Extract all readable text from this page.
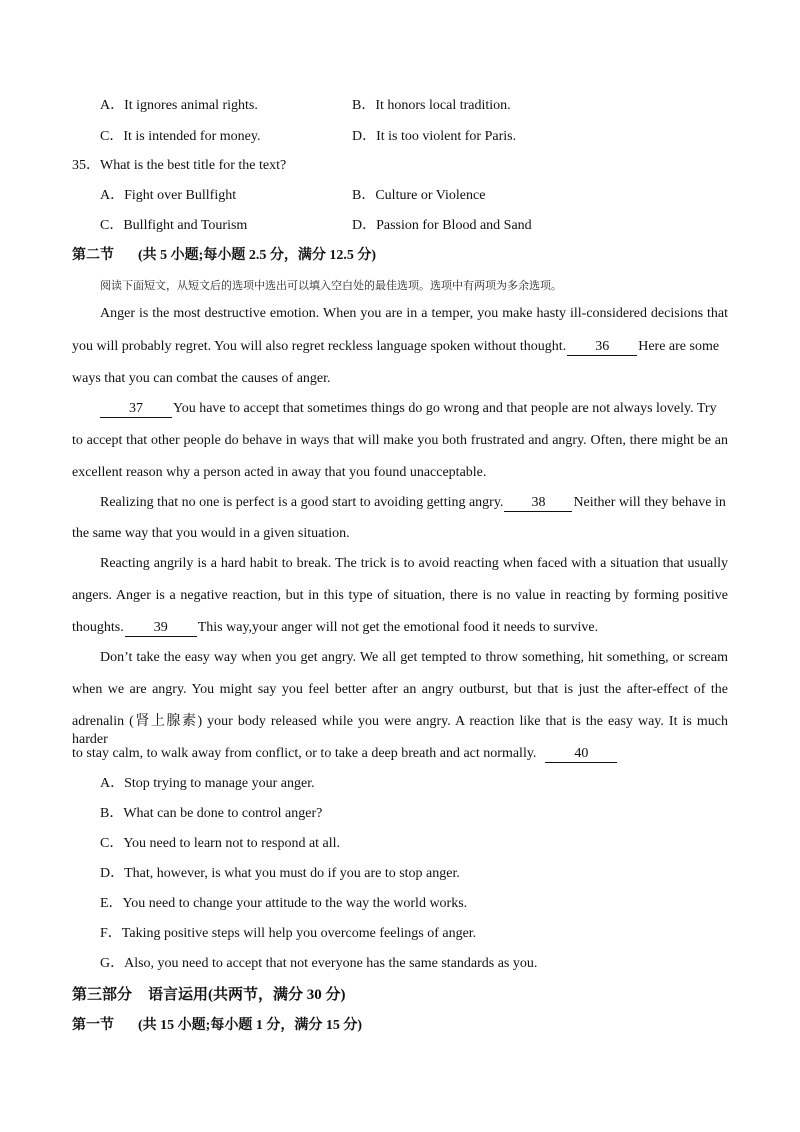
A．It ignores animal rights.	B．It honors local tradition.
C．It is intended for money.	D．It is too violent for Paris.
35．What is the best title for the text?
A．Fight over Bullfight	B．Culture or Violence
C．Bullfight and Tourism	D．Passion for Blood and Sand
第二节 (共 5 小题;每小题 2.5 分，满分 12.5 分)
阅读下面短文，从短文后的选项中选出可以填入空白处的最佳选项。选项中有两项为多余选项。
Anger is the most destructive emotion. When you are in a temper, you make hasty ill-considered decisions that
you will probably regret. You will also regret reckless language spoken without thought. 36 Here are some
ways that you can combat the causes of anger.
37 You have to accept that sometimes things do go wrong and that people are not always lovely. Try
to accept that other people do behave in ways that will make you both frustrated and angry. Often, there might be an
excellent reason why a person acted in away that you found unacceptable.
Realizing that no one is perfect is a good start to avoiding getting angry. 38 Neither will they behave in
the same way that you would in a given situation.
Reacting angrily is a hard habit to break. The trick is to avoid reacting when faced with a situation that usually
angers. Anger is a negative reaction, but in this type of situation, there is no value in reacting by forming positive
thoughts. 39 This way,your anger will not get the emotional food it needs to survive.
Don’t take the easy way when you get angry. We all get tempted to throw something, hit something, or scream
when we are angry. You might say you feel better after an angry outburst, but that is just the after-effect of the
adrenalin (肾上腺素) your body released while you were angry. A reaction like that is the easy way. It is much harder
to stay calm, to walk away from conflict, or to take a deep breath and act normally.	40
A．Stop trying to manage your anger.
B．What can be done to control anger?
C．You need to learn not to respond at all.
D．That, however, is what you must do if you are to stop anger.
E．You need to change your attitude to the way the world works.
F．Taking positive steps will help you overcome feelings of anger.
G．Also, you need to accept that not everyone has the same standards as you.
第三部分 语言运用(共两节，满分 30 分)
第一节 (共 15 小题;每小题 1 分，满分 15 分)
